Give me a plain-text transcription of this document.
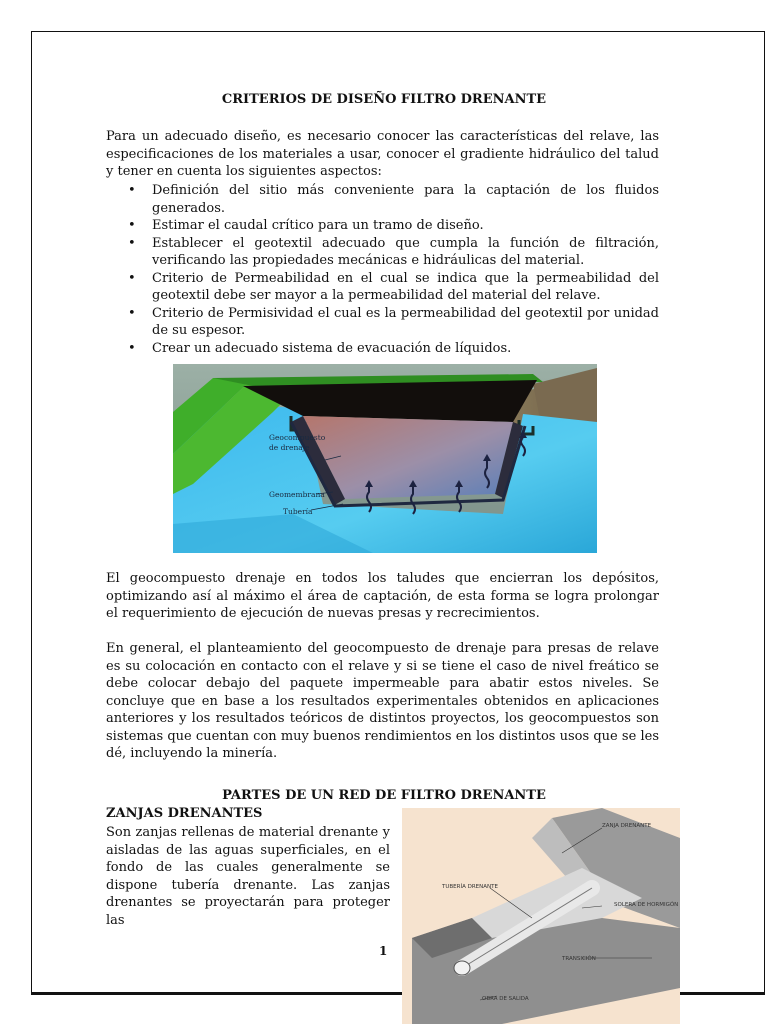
CRITERIOS DE DISEÑO FILTRO DRENANTE

Para un adecuado diseño, es necesario conocer las características del relave, las especificaciones de los materiales a usar, conocer el gradiente hidráulico del talud y tener en cuenta los siguientes aspectos:

• Definición del sitio más conveniente para la captación de los fluidos generados.
• Estimar el caudal crítico para un tramo de diseño.
• Establecer el geotextil adecuado que cumpla la función de filtración, verificando las propiedades mecánicas e hidráulicas del material.
• Criterio de Permeabilidad en el cual se indica que la permeabilidad del geotextil debe ser mayor a la permeabilidad del material del relave.
• Criterio de Permisividad el cual es la permeabilidad del geotextil por unidad de su espesor.
• Crear un adecuado sistema de evacuación de líquidos.
Geocompuesto
de drenaje
Geomembrana
Tubería

El geocompuesto drenaje en todos los taludes que encierran los depósitos, optimizando así al máximo el área de captación, de esta forma se logra prolongar el requerimiento de ejecución de nuevas presas y recrecimientos.

En general, el planteamiento del geocompuesto de drenaje para presas de relave es su colocación en contacto con el relave y si se tiene el caso de nivel freático se debe colocar debajo del paquete impermeable para abatir estos niveles. Se concluye que en base a los resultados experimentales obtenidos en aplicaciones anteriores y los resultados teóricos de distintos proyectos, los geocompuestos son sistemas que cuentan con muy buenos rendimientos en los distintos usos que se les dé, incluyendo la minería.

PARTES DE UN RED DE FILTRO DRENANTE
ZANJAS DRENANTES

Son zanjas rellenas de material drenante y aisladas de las aguas superficiales, en el fondo de las cuales generalmente se dispone tubería drenante. Las zanjas drenantes se proyectarán para proteger las

1
ZANJA DRENANTE
TUBERÍA DRENANTE
SOLERA DE HORMIGÓN
TRANSICIÓN
OBRA DE SALIDA
